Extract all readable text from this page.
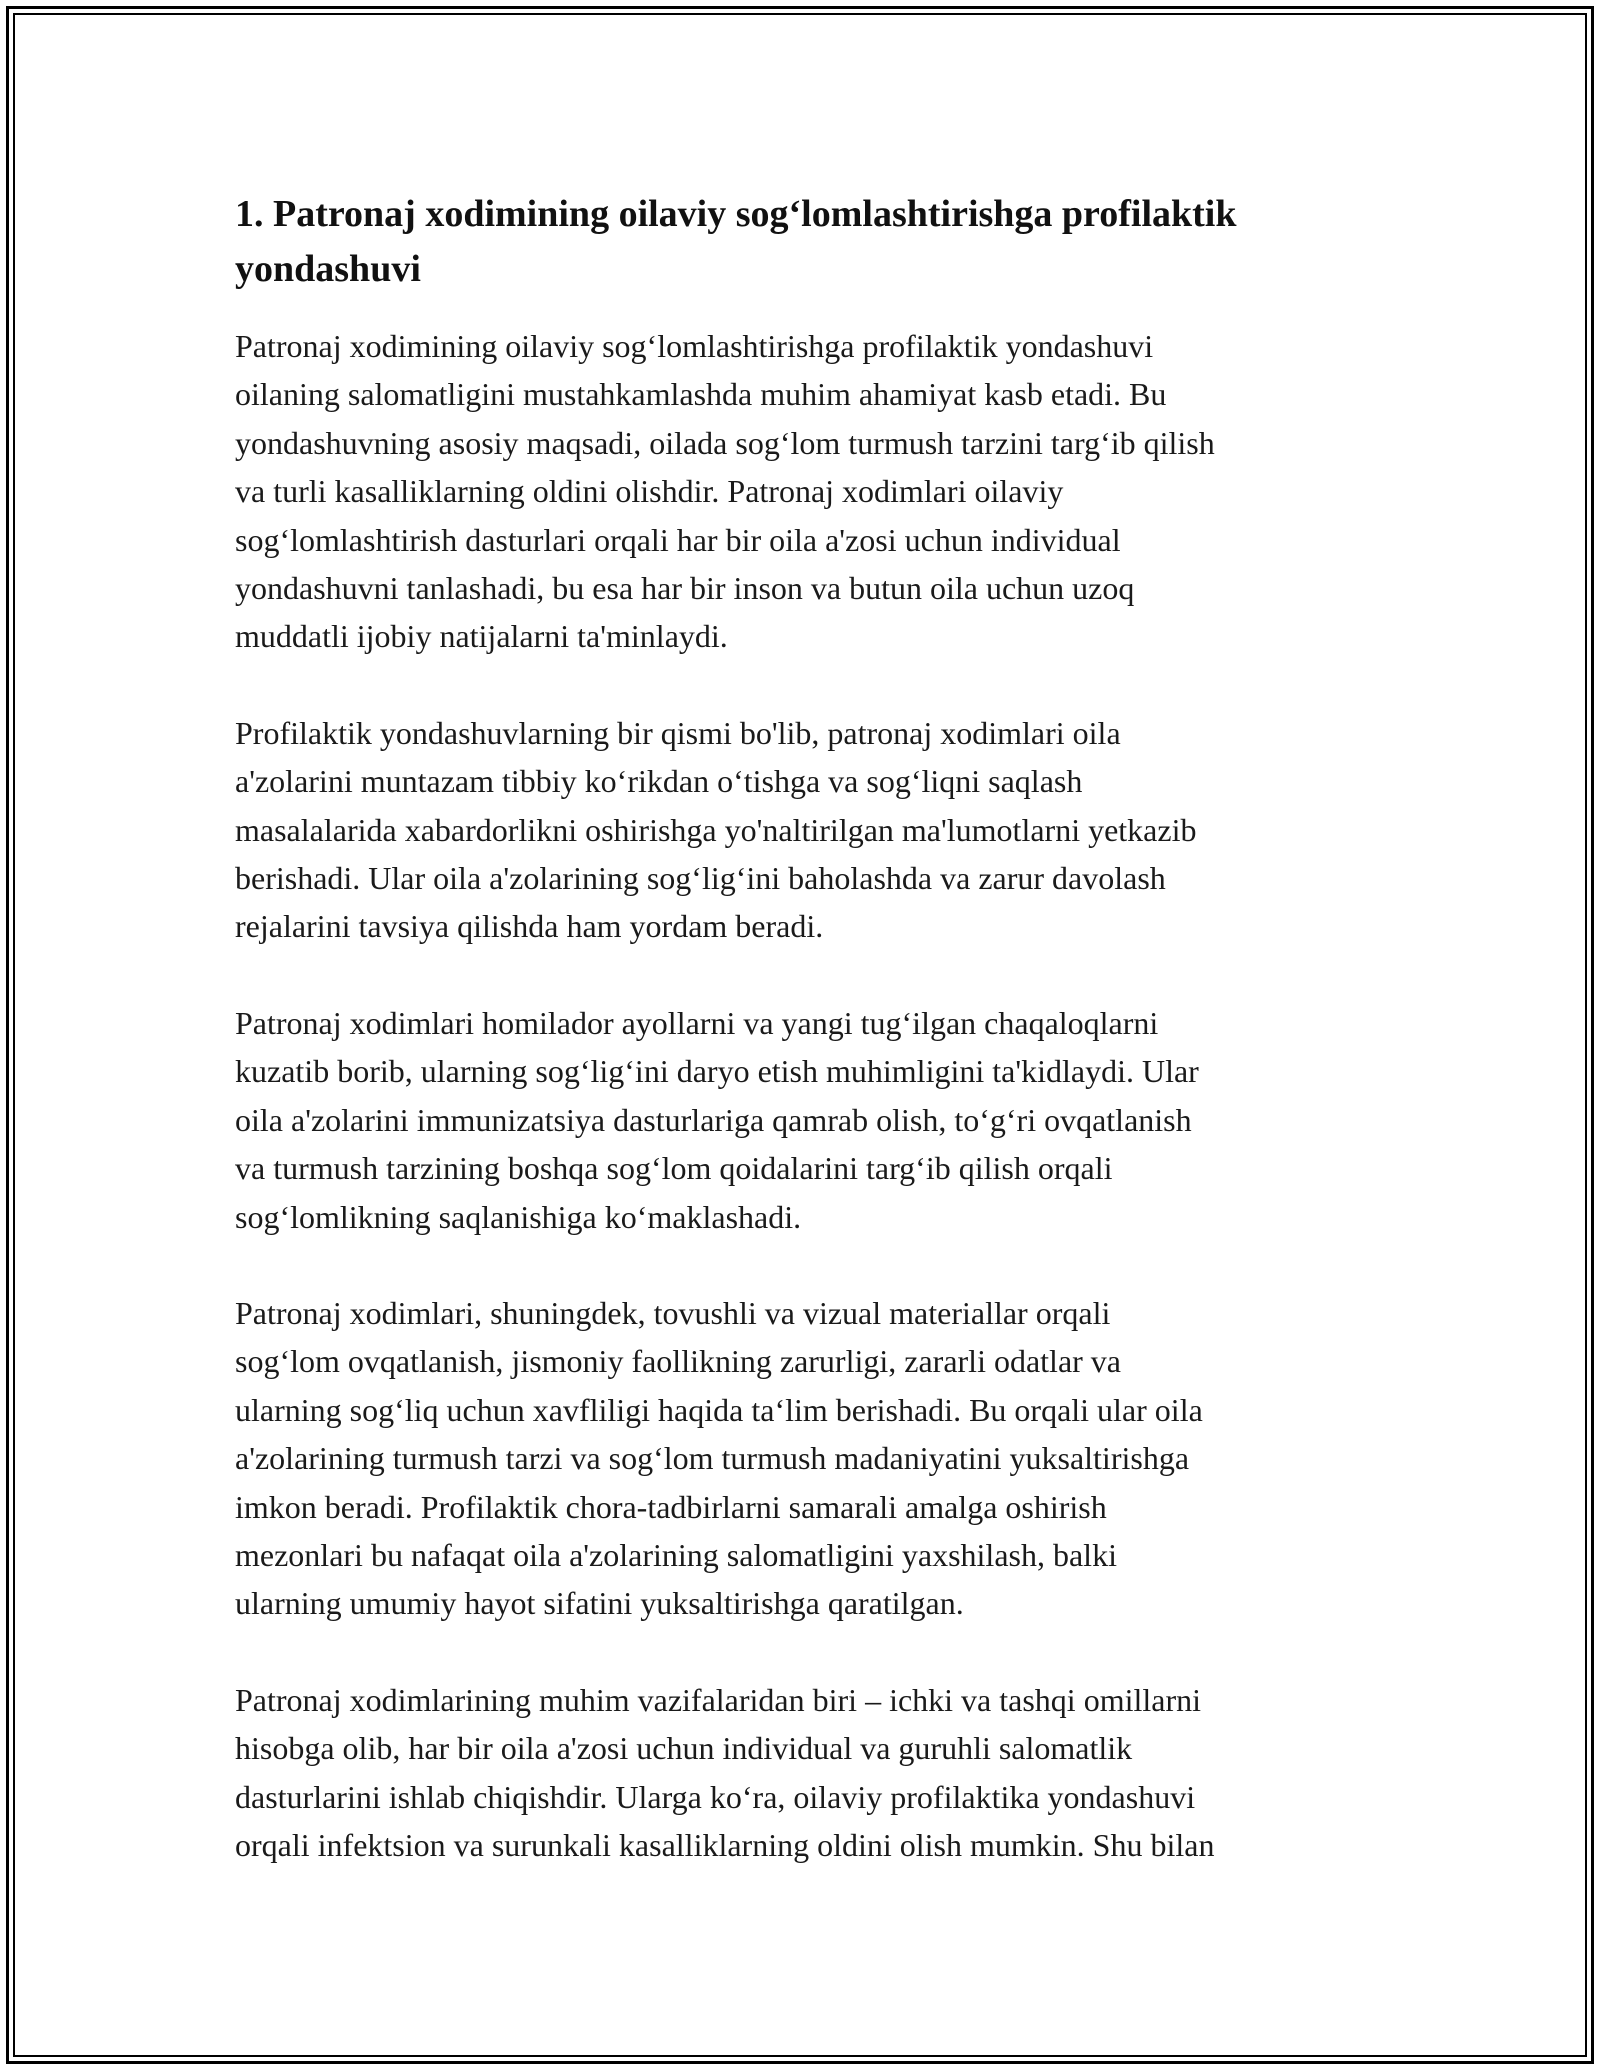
1. Patronaj xodimining oilaviy sog‘lomlashtirishga profilaktik
yondashuvi

Patronaj xodimining oilaviy sog‘lomlashtirishga profilaktik yondashuvi
oilaning salomatligini mustahkamlashda muhim ahamiyat kasb etadi. Bu
yondashuvning asosiy maqsadi, oilada sog‘lom turmush tarzini targ‘ib qilish
va turli kasalliklarning oldini olishdir. Patronaj xodimlari oilaviy
sog‘lomlashtirish dasturlari orqali har bir oila a'zosi uchun individual
yondashuvni tanlashadi, bu esa har bir inson va butun oila uchun uzoq
muddatli ijobiy natijalarni ta'minlaydi.

Profilaktik yondashuvlarning bir qismi bo'lib, patronaj xodimlari oila
a'zolarini muntazam tibbiy ko‘rikdan o‘tishga va sog‘liqni saqlash
masalalarida xabardorlikni oshirishga yo'naltirilgan ma'lumotlarni yetkazib
berishadi. Ular oila a'zolarining sog‘lig‘ini baholashda va zarur davolash
rejalarini tavsiya qilishda ham yordam beradi.

Patronaj xodimlari homilador ayollarni va yangi tug‘ilgan chaqaloqlarni
kuzatib borib, ularning sog‘lig‘ini daryo etish muhimligini ta'kidlaydi. Ular
oila a'zolarini immunizatsiya dasturlariga qamrab olish, to‘g‘ri ovqatlanish
va turmush tarzining boshqa sog‘lom qoidalarini targ‘ib qilish orqali
sog‘lomlikning saqlanishiga ko‘maklashadi.

Patronaj xodimlari, shuningdek, tovushli va vizual materiallar orqali
sog‘lom ovqatlanish, jismoniy faollikning zarurligi, zararli odatlar va
ularning sog‘liq uchun xavfliligi haqida ta‘lim berishadi. Bu orqali ular oila
a'zolarining turmush tarzi va sog‘lom turmush madaniyatini yuksaltirishga
imkon beradi. Profilaktik chora-tadbirlarni samarali amalga oshirish
mezonlari bu nafaqat oila a'zolarining salomatligini yaxshilash, balki
ularning umumiy hayot sifatini yuksaltirishga qaratilgan.

Patronaj xodimlarining muhim vazifalaridan biri – ichki va tashqi omillarni
hisobga olib, har bir oila a'zosi uchun individual va guruhli salomatlik
dasturlarini ishlab chiqishdir. Ularga ko‘ra, oilaviy profilaktika yondashuvi
orqali infektsion va surunkali kasalliklarning oldini olish mumkin. Shu bilan
